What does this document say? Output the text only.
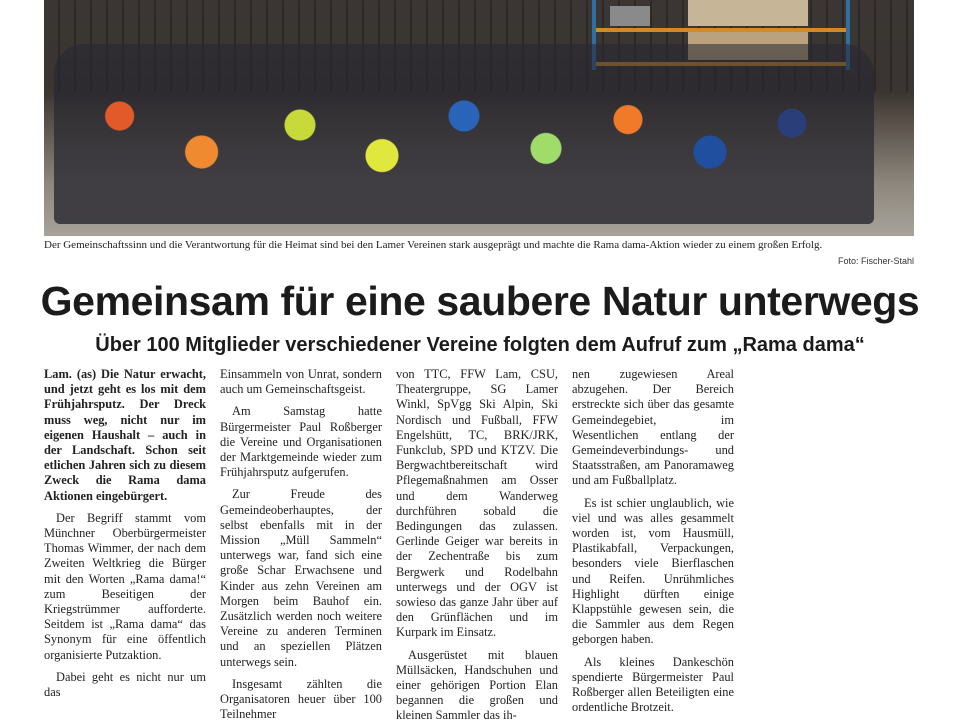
Der Gemeinschaftssinn und die Verantwortung für die Heimat sind bei den Lamer Vereinen stark ausgeprägt und machte die Rama dama-Aktion wieder zu einem großen Erfolg.
Foto: Fischer-Stahl
Gemeinsam für eine saubere Natur unterwegs
Über 100 Mitglieder verschiedener Vereine folgten dem Aufruf zum „Rama dama“

Lam. (as) Die Natur erwacht, und jetzt geht es los mit dem Frühjahrsputz. Der Dreck muss weg, nicht nur im eigenen Haushalt – auch in der Landschaft. Schon seit etlichen Jahren sich zu diesem Zweck die Rama dama Aktionen eingebürgert.

Der Begriff stammt vom Münchner Oberbürgermeister Thomas Wimmer, der nach dem Zweiten Weltkrieg die Bürger mit den Worten „Rama dama!“ zum Beseitigen der Kriegstrümmer aufforderte. Seitdem ist „Rama dama“ das Synonym für eine öffentlich organisierte Putzaktion.

Dabei geht es nicht nur um das

Einsammeln von Unrat, sondern auch um Gemeinschaftsgeist.

Am Samstag hatte Bürgermeister Paul Roßberger die Vereine und Organisationen der Marktgemeinde wieder zum Frühjahrsputz aufgerufen.

Zur Freude des Gemeindeoberhauptes, der selbst ebenfalls mit in der Mission „Müll Sammeln“ unterwegs war, fand sich eine große Schar Erwachsene und Kinder aus zehn Vereinen am Morgen beim Bauhof ein. Zusätzlich werden noch weitere Vereine zu anderen Terminen und an speziellen Plätzen unterwegs sein.

Insgesamt zählten die Organisatoren heuer über 100 Teilnehmer

von TTC, FFW Lam, CSU, Theatergruppe, SG Lamer Winkl, SpVgg Ski Alpin, Ski Nordisch und Fußball, FFW Engelshütt, TC, BRK/JRK, Funkclub, SPD und KTZV. Die Bergwachtbereitschaft wird Pflegemaßnahmen am Osser und dem Wanderweg durchführen sobald die Bedingungen das zulassen. Gerlinde Geiger war bereits in der Zechentraße bis zum Bergwerk und Rodelbahn unterwegs und der OGV ist sowieso das ganze Jahr über auf den Grünflächen und im Kurpark im Einsatz.

Ausgerüstet mit blauen Müllsäcken, Handschuhen und einer gehörigen Portion Elan begannen die großen und kleinen Sammler das ih-

nen zugewiesen Areal abzugehen. Der Bereich erstreckte sich über das gesamte Gemeindegebiet, im Wesentlichen entlang der Gemeindeverbindungs- und Staatsstraßen, am Panoramaweg und am Fußballplatz.

Es ist schier unglaublich, wie viel und was alles gesammelt worden ist, vom Hausmüll, Plastikabfall, Verpackungen, besonders viele Bierflaschen und Reifen. Unrühmliches Highlight dürften einige Klappstühle gewesen sein, die die Sammler aus dem Regen geborgen haben.

Als kleines Dankeschön spendierte Bürgermeister Paul Roßberger allen Beteiligten eine ordentliche Brotzeit.
